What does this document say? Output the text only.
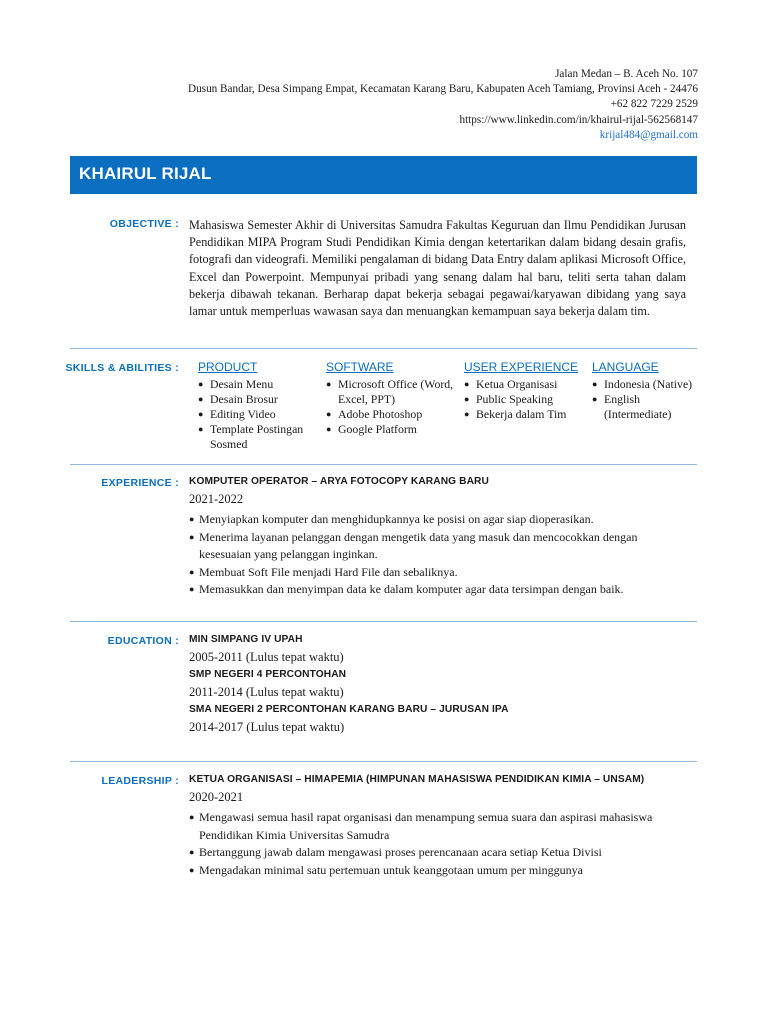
Jalan Medan – B. Aceh No. 107
Dusun Bandar, Desa Simpang Empat, Kecamatan Karang Baru, Kabupaten Aceh Tamiang, Provinsi Aceh - 24476
+62 822 7229 2529
https://www.linkedin.com/in/khairul-rijal-562568147
krijal484@gmail.com
KHAIRUL RIJAL
OBJECTIVE : Mahasiswa Semester Akhir di Universitas Samudra Fakultas Keguruan dan Ilmu Pendidikan Jurusan Pendidikan MIPA Program Studi Pendidikan Kimia dengan ketertarikan dalam bidang desain grafis, fotografi dan videografi. Memiliki pengalaman di bidang Data Entry dalam aplikasi Microsoft Office, Excel dan Powerpoint. Mempunyai pribadi yang senang dalam hal baru, teliti serta tahan dalam bekerja dibawah tekanan. Berharap dapat bekerja sebagai pegawai/karyawan dibidang yang saya lamar untuk memperluas wawasan saya dan menuangkan kemampuan saya bekerja dalam tim.

SKILLS & ABILITIES : PRODUCT
● Desain Menu
● Desain Brosur
● Editing Video
● Template Postingan Sosmed
SOFTWARE
● Microsoft Office (Word, Excel, PPT)
● Adobe Photoshop
● Google Platform
USER EXPERIENCE
● Ketua Organisasi
● Public Speaking
● Bekerja dalam Tim
LANGUAGE
● Indonesia (Native)
● English (Intermediate)
EXPERIENCE : KOMPUTER OPERATOR – ARYA FOTOCOPY KARANG BARU
2021-2022
● Menyiapkan komputer dan menghidupkannya ke posisi on agar siap dioperasikan.
● Menerima layanan pelanggan dengan mengetik data yang masuk dan mencocokkan dengan kesesuaian yang pelanggan inginkan.
● Membuat Soft File menjadi Hard File dan sebaliknya.
● Memasukkan dan menyimpan data ke dalam komputer agar data tersimpan dengan baik.
EDUCATION : MIN SIMPANG IV UPAH
2005-2011 (Lulus tepat waktu)
SMP NEGERI 4 PERCONTOHAN
2011-2014 (Lulus tepat waktu)
SMA NEGERI 2 PERCONTOHAN KARANG BARU – JURUSAN IPA
2014-2017 (Lulus tepat waktu)
LEADERSHIP : KETUA ORGANISASI – HIMAPEMIA (HIMPUNAN MAHASISWA PENDIDIKAN KIMIA – UNSAM)
2020-2021
● Mengawasi semua hasil rapat organisasi dan menampung semua suara dan aspirasi mahasiswa Pendidikan Kimia Universitas Samudra
● Bertanggung jawab dalam mengawasi proses perencanaan acara setiap Ketua Divisi
● Mengadakan minimal satu pertemuan untuk keanggotaan umum per minggunya
